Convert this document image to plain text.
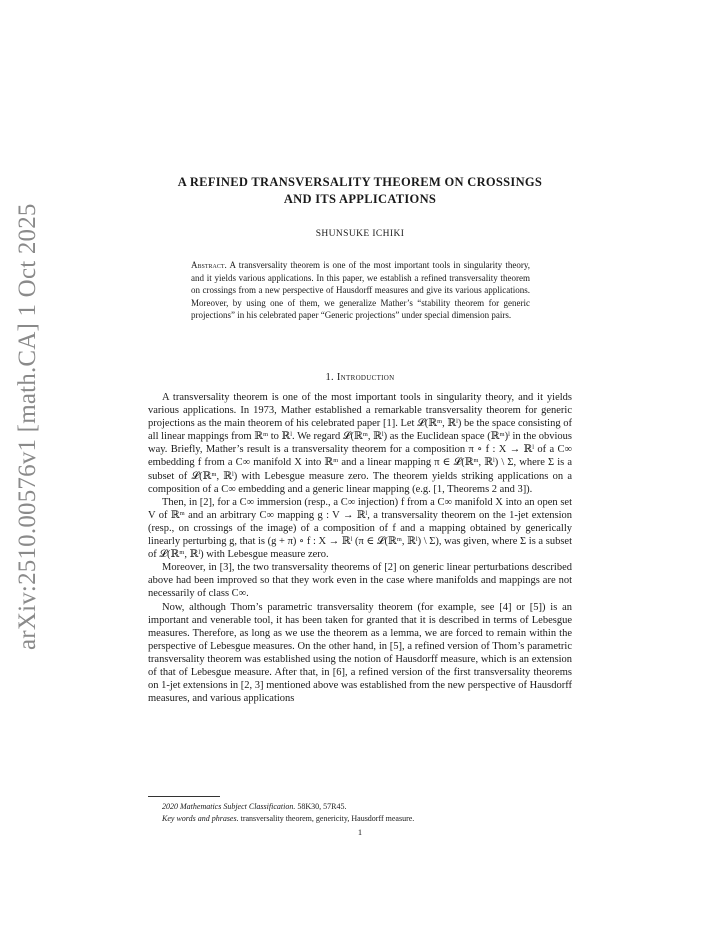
arXiv:2510.00576v1 [math.CA] 1 Oct 2025
A REFINED TRANSVERSALITY THEOREM ON CROSSINGS
AND ITS APPLICATIONS
SHUNSUKE ICHIKI
Abstract. A transversality theorem is one of the most important tools in singularity theory, and it yields various applications. In this paper, we establish a refined transversality theorem on crossings from a new perspective of Hausdorff measures and give its various applications. Moreover, by using one of them, we generalize Mather’s “stability theorem for generic projections” in his celebrated paper “Generic projections” under special dimension pairs.
1. Introduction

A transversality theorem is one of the most important tools in singularity theory, and it yields various applications. In 1973, Mather established a remarkable transversality theorem for generic projections as the main theorem of his celebrated paper [1]. Let 𝓛(ℝᵐ, ℝˡ) be the space consisting of all linear mappings from ℝᵐ to ℝˡ. We regard 𝓛(ℝᵐ, ℝˡ) as the Euclidean space (ℝᵐ)ˡ in the obvious way. Briefly, Mather’s result is a transversality theorem for a composition π ∘ f : X → ℝˡ of a C∞ embedding f from a C∞ manifold X into ℝᵐ and a linear mapping π ∈ 𝓛(ℝᵐ, ℝˡ) \ Σ, where Σ is a subset of 𝓛(ℝᵐ, ℝˡ) with Lebesgue measure zero. The theorem yields striking applications on a composition of a C∞ embedding and a generic linear mapping (e.g. [1, Theorems 2 and 3]).

Then, in [2], for a C∞ immersion (resp., a C∞ injection) f from a C∞ manifold X into an open set V of ℝᵐ and an arbitrary C∞ mapping g : V → ℝˡ, a transversality theorem on the 1-jet extension (resp., on crossings of the image) of a composition of f and a mapping obtained by generically linearly perturbing g, that is (g + π) ∘ f : X → ℝˡ (π ∈ 𝓛(ℝᵐ, ℝˡ) \ Σ), was given, where Σ is a subset of 𝓛(ℝᵐ, ℝˡ) with Lebesgue measure zero.

Moreover, in [3], the two transversality theorems of [2] on generic linear perturbations described above had been improved so that they work even in the case where manifolds and mappings are not necessarily of class C∞.

Now, although Thom’s parametric transversality theorem (for example, see [4] or [5]) is an important and venerable tool, it has been taken for granted that it is described in terms of Lebesgue measures. Therefore, as long as we use the theorem as a lemma, we are forced to remain within the perspective of Lebesgue measures. On the other hand, in [5], a refined version of Thom’s parametric transversality theorem was established using the notion of Hausdorff measure, which is an extension of that of Lebesgue measure. After that, in [6], a refined version of the first transversality theorems on 1-jet extensions in [2, 3] mentioned above was established from the new perspective of Hausdorff measures, and various applications

2020 Mathematics Subject Classification. 58K30, 57R45.
Key words and phrases. transversality theorem, genericity, Hausdorff measure.
1
